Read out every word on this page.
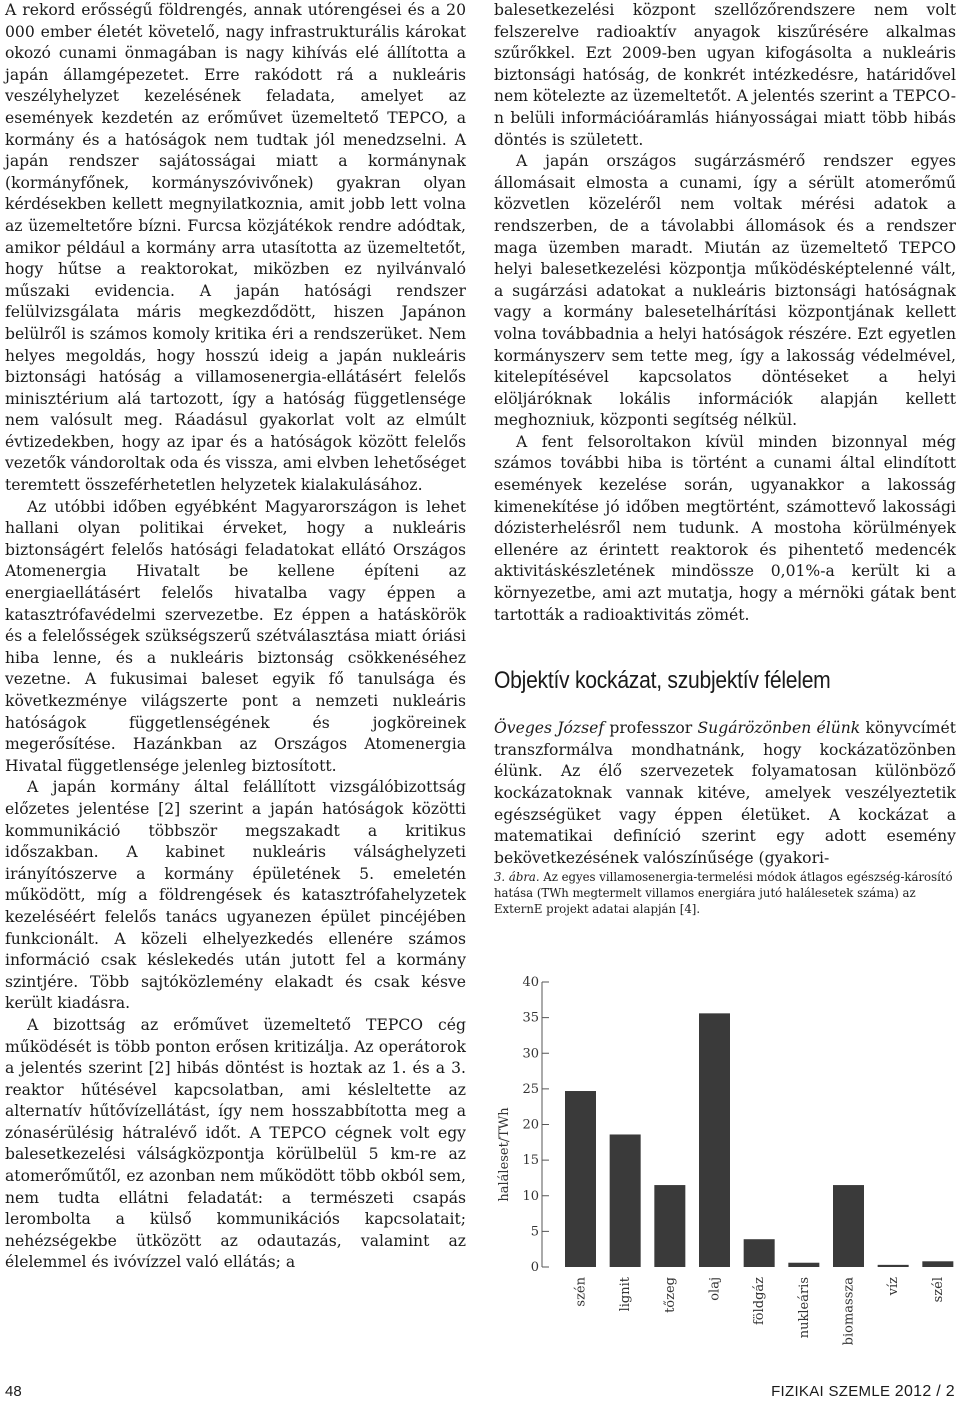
A rekord erősségű földrengés, annak utórengései és a 20 000 ember életét követelő, nagy infrastrukturális károkat okozó cunami önmagában is nagy kihívás elé állította a japán államgépezetet. Erre rakódott rá a nukleáris veszélyhelyzet kezelésének feladata, amelyet az események kezdetén az erőművet üzemeltető TEPCO, a kormány és a hatóságok nem tudtak jól menedzselni. A japán rendszer sajátosságai miatt a kormánynak (kormányfőnek, kormányszóvivőnek) gyakran olyan kérdésekben kellett megnyilatkoznia, amit jobb lett volna az üzemeltetőre bízni. Furcsa közjátékok rendre adódtak, amikor például a kormány arra utasította az üzemeltetőt, hogy hűtse a reaktorokat, miközben ez nyilvánvaló műszaki evidencia. A japán hatósági rendszer felülvizsgálata máris megkezdődött, hiszen Japánon belülről is számos komoly kritika éri a rendszerüket. Nem helyes megoldás, hogy hosszú ideig a japán nukleáris biztonsági hatóság a villamosenergia-ellátásért felelős minisztérium alá tartozott, így a hatóság függetlensége nem valósult meg. Ráadásul gyakorlat volt az elmúlt évtizedekben, hogy az ipar és a hatóságok között felelős vezetők vándoroltak oda és vissza, ami elvben lehetőséget teremtett összeférhetetlen helyzetek kialakulásához.

Az utóbbi időben egyébként Magyarországon is lehet hallani olyan politikai érveket, hogy a nukleáris biztonságért felelős hatósági feladatokat ellátó Országos Atomenergia Hivatalt be kellene építeni az energiaellátásért felelős hivatalba vagy éppen a katasztrófavédelmi szervezetbe. Ez éppen a hatáskörök és a felelősségek szükségszerű szétválasztása miatt óriási hiba lenne, és a nukleáris biztonság csökkenéséhez vezetne. A fukusimai baleset egyik fő tanulsága és következménye világszerte pont a nemzeti nukleáris hatóságok függetlenségének és jogköreinek megerősítése. Hazánkban az Országos Atomenergia Hivatal függetlensége jelenleg biztosított.

A japán kormány által felállított vizsgálóbizottság előzetes jelentése [2] szerint a japán hatóságok közötti kommunikáció többször megszakadt a kritikus időszakban. A kabinet nukleáris válsághelyzeti irányítószerve a kormány épületének 5. emeletén működött, míg a földrengések és katasztrófahelyzetek kezeléséért felelős tanács ugyanezen épület pincéjében funkcionált. A közeli elhelyezkedés ellenére számos információ csak késlekedés után jutott fel a kormány szintjére. Több sajtóközlemény elakadt és csak késve került kiadásra.

A bizottság az erőművet üzemeltető TEPCO cég működését is több ponton erősen kritizálja. Az operátorok a jelentés szerint [2] hibás döntést is hoztak az 1. és a 3. reaktor hűtésével kapcsolatban, ami késleltette az alternatív hűtővízellátást, így nem hosszabbította meg a zónasérülésig hátralévő időt. A TEPCO cégnek volt egy balesetkezelési válságközpontja körülbelül 5 km-re az atomerőműtől, ez azonban nem működött több okból sem, nem tudta ellátni feladatát: a természeti csapás lerombolta a külső kommunikációs kapcsolatait; nehézségekbe ütközött az odautazás, valamint az élelemmel és ivóvízzel való ellátás; a

balesetkezelési központ szellőzőrendszere nem volt felszerelve radioaktív anyagok kiszűrésére alkalmas szűrőkkel. Ezt 2009-ben ugyan kifogásolta a nukleáris biztonsági hatóság, de konkrét intézkedésre, határidővel nem kötelezte az üzemeltetőt. A jelentés szerint a TEPCO-n belüli információáramlás hiányosságai miatt több hibás döntés is született.

A japán országos sugárzásmérő rendszer egyes állomásait elmosta a cunami, így a sérült atomerőmű közvetlen közeléről nem voltak mérési adatok a rendszerben, de a távolabbi állomások és a rendszer maga üzemben maradt. Miután az üzemeltető TEPCO helyi balesetkezelési központja működésképtelenné vált, a sugárzási adatokat a nukleáris biztonsági hatóságnak vagy a kormány balesetelhárítási központjának kellett volna továbbadnia a helyi hatóságok részére. Ezt egyetlen kormányszerv sem tette meg, így a lakosság védelmével, kitelepítésével kapcsolatos döntéseket a helyi elöljáróknak lokális információk alapján kellett meghozniuk, központi segítség nélkül.

A fent felsoroltakon kívül minden bizonnyal még számos további hiba is történt a cunami által elindított események kezelése során, ugyanakkor a lakosság kimenekítése jó időben megtörtént, számottevő lakossági dózisterhelésről nem tudunk. A mostoha körülmények ellenére az érintett reaktorok és pihentető medencék aktivitáskészletének mindössze 0,01%-a került ki a környezetbe, ami azt mutatja, hogy a mérnöki gátak bent tartották a radioaktivitás zömét.

Objektív kockázat, szubjektív félelem

Öveges József professzor Sugárözönben élünk könyvcímét transzformálva mondhatnánk, hogy kockázatözönben élünk. Az élő szervezetek folyamatosan különböző kockázatoknak vannak kitéve, amelyek veszélyeztetik egészségüket vagy éppen életüket. A kockázat a matematikai definíció szerint egy adott esemény bekövetkezésének valószínűsége (gyakori-

3. ábra. Az egyes villamosenergia-termelési módok átlagos egészség-károsító hatása (TWh megtermelt villamos energiára jutó halálesetek száma) az ExternE projekt adatai alapján [4].

0
5
10
15
20
25
30
35
40
haláleset/TWh
szén lignit tőzeg olaj földgáz nukleáris biomassza víz szél
48	FIZIKAI SZEMLE 2012 / 2
